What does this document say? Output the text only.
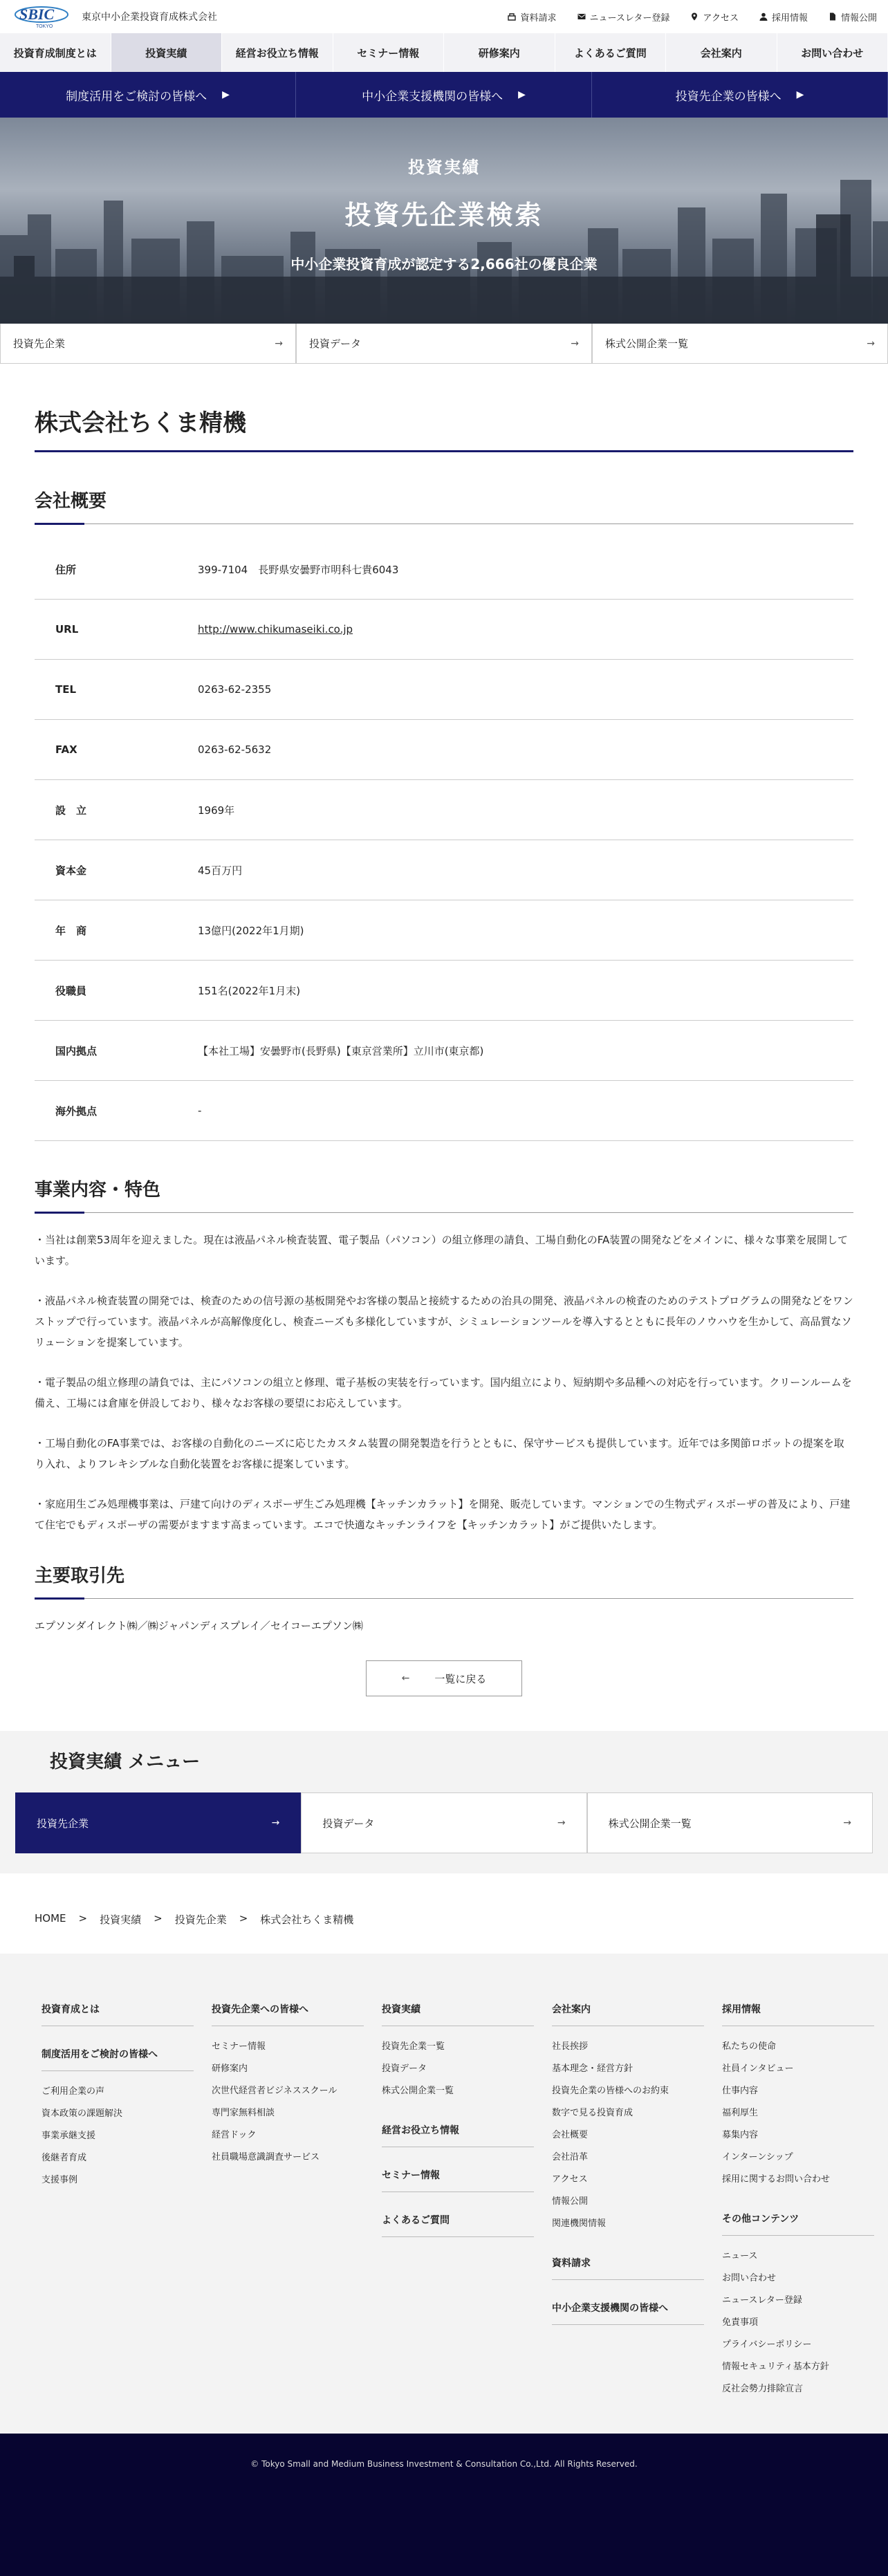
SBIC
TOKYO
東京中小企業投資育成株式会社	資料請求	ニュースレター登録	アクセス	採用情報	情報公開
投資育成制度とは	投資実績	経営お役立ち情報	セミナー情報	研修案内	よくあるご質問	会社案内	お問い合わせ
制度活用をご検討の皆様へ ▶	中小企業支援機関の皆様へ ▶	投資先企業の皆様へ ▶
投資実績
投資先企業検索
中小企業投資育成が認定する2,666社の優良企業
投資先企業	→	投資データ	→	株式公開企業一覧	→
株式会社ちくま精機
会社概要
住所	399-7104　長野県安曇野市明科七貴6043
URL	http://www.chikumaseiki.co.jp
TEL	0263-62-2355
FAX	0263-62-5632
設　立	1969年
資本金	45百万円
年　商	13億円(2022年1月期)
役職員	151名(2022年1月末)
国内拠点	【本社工場】安曇野市(長野県)【東京営業所】立川市(東京都)
海外拠点	-
事業内容・特色

・当社は創業53周年を迎えました。現在は液晶パネル検査装置、電子製品（パソコン）の組立修理の請負、工場自動化のFA装置の開発などをメインに、様々な事業を展開しています。

・液晶パネル検査装置の開発では、検査のための信号源の基板開発やお客様の製品と接続するための治具の開発、液晶パネルの検査のためのテストプログラムの開発などをワンストップで行っています。液晶パネルが高解像度化し、検査ニーズも多様化していますが、シミュレーションツールを導入するとともに長年のノウハウを生かして、高品質なソリューションを提案しています。

・電子製品の組立修理の請負では、主にパソコンの組立と修理、電子基板の実装を行っています。国内組立により、短納期や多品種への対応を行っています。クリーンルームを備え、工場には倉庫を併設しており、様々なお客様の要望にお応えしています。

・工場自動化のFA事業では、お客様の自動化のニーズに応じたカスタム装置の開発製造を行うとともに、保守サービスも提供しています。近年では多関節ロボットの提案を取り入れ、よりフレキシブルな自動化装置をお客様に提案しています。

・家庭用生ごみ処理機事業は、戸建て向けのディスポーザ生ごみ処理機【キッチンカラット】を開発、販売しています。マンションでの生物式ディスポーザの普及により、戸建て住宅でもディスポーザの需要がますます高まっています。エコで快適なキッチンライフを【キッチンカラット】がご提供いたします。

主要取引先

エプソンダイレクト㈱／㈱ジャパンディスプレイ／セイコーエプソン㈱

← 一覧に戻る
投資実績 メニュー
投資先企業	→	投資データ	→	株式公開企業一覧	→
HOME > 投資実績 > 投資先企業 > 株式会社ちくま精機
投資育成とは
制度活用をご検討の皆様へ
ご利用企業の声
資本政策の課題解決
事業承継支援
後継者育成
支援事例
投資先企業への皆様へ
セミナー情報
研修案内
次世代経営者ビジネススクール
専門家無料相談
経営ドック
社員職場意識調査サービス
投資実績
投資先企業一覧
投資データ
株式公開企業一覧
経営お役立ち情報
セミナー情報
よくあるご質問
会社案内
社長挨拶
基本理念・経営方針
投資先企業の皆様へのお約束
数字で見る投資育成
会社概要
会社沿革
アクセス
情報公開
関連機関情報
資料請求
中小企業支援機関の皆様へ
採用情報
私たちの使命
社員インタビュー
仕事内容
福利厚生
募集内容
インターンシップ
採用に関するお問い合わせ
その他コンテンツ
ニュース
お問い合わせ
ニュースレター登録
免責事項
プライバシーポリシー
情報セキュリティ基本方針
反社会勢力排除宣言
© Tokyo Small and Medium Business Investment & Consultation Co.,Ltd. All Rights Reserved.
